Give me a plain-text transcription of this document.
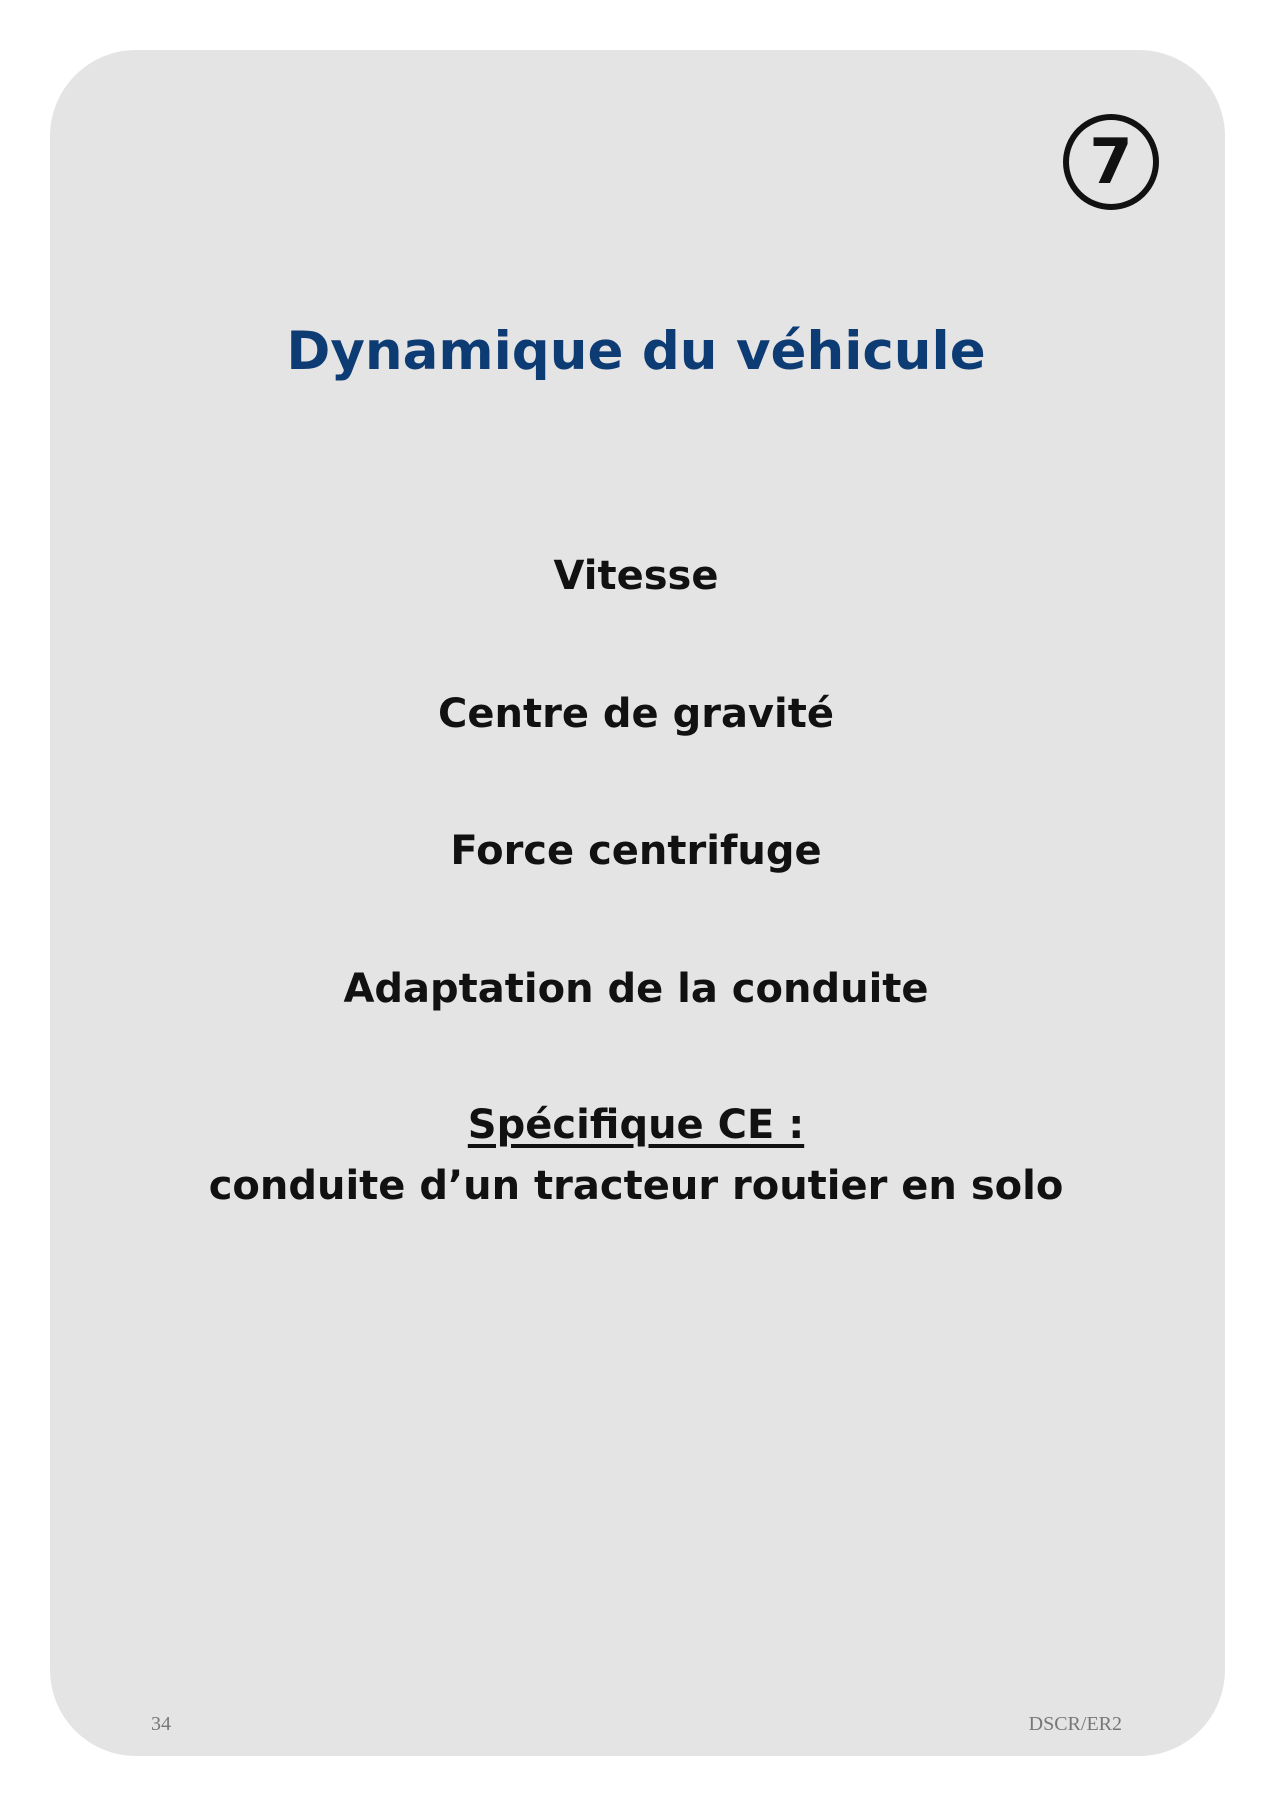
7
Dynamique du véhicule
Vitesse
Centre de gravité
Force centrifuge
Adaptation de la conduite
Spécifique CE :
conduite d’un tracteur routier en solo
34	DSCR/ER2
